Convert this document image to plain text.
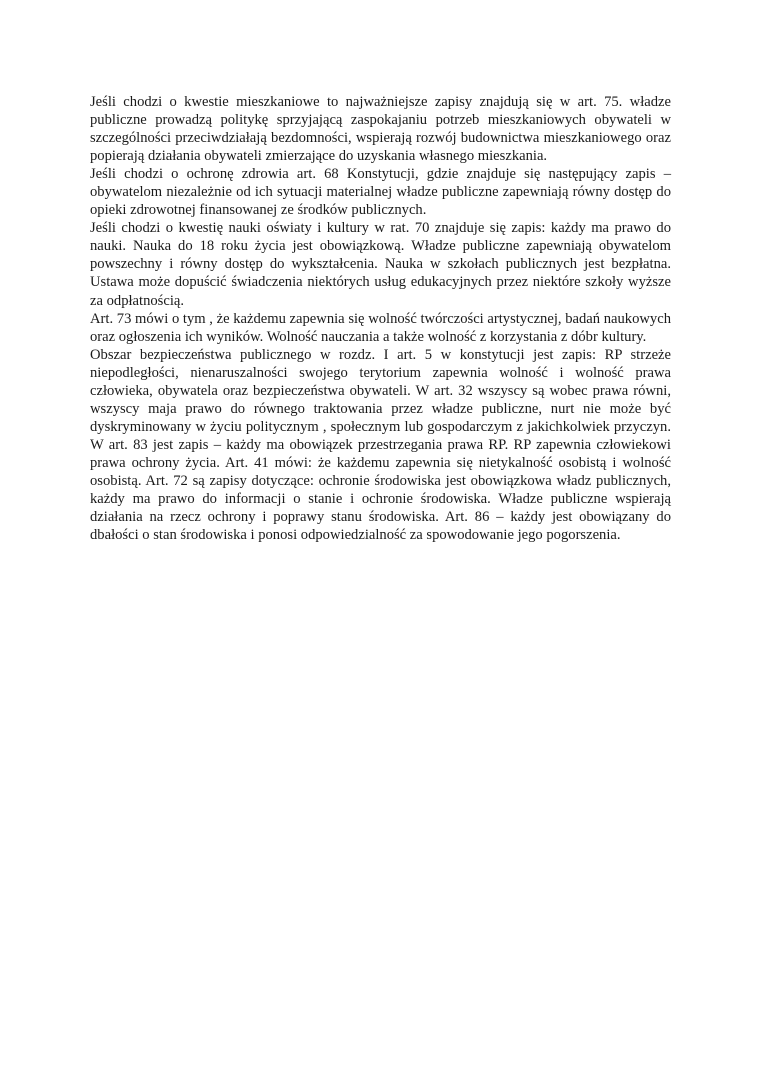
Jeśli chodzi o kwestie mieszkaniowe to najważniejsze zapisy znajdują się w art. 75. władze publiczne prowadzą politykę sprzyjającą zaspokajaniu potrzeb mieszkaniowych obywateli w szczególności przeciwdziałają bezdomności, wspierają rozwój budownictwa mieszkaniowego oraz popierają działania obywateli zmierzające do uzyskania własnego mieszkania.

Jeśli chodzi o ochronę zdrowia art. 68 Konstytucji, gdzie znajduje się następujący zapis – obywatelom niezależnie od ich sytuacji materialnej władze publiczne zapewniają równy dostęp do opieki zdrowotnej finansowanej ze środków publicznych.

Jeśli chodzi o kwestię nauki oświaty i kultury w rat. 70 znajduje się zapis: każdy ma prawo do nauki. Nauka do 18 roku życia jest obowiązkową. Władze publiczne zapewniają obywatelom powszechny i równy dostęp do wykształcenia. Nauka w szkołach publicznych jest bezpłatna. Ustawa może dopuścić świadczenia niektórych usług edukacyjnych przez niektóre szkoły wyższe za odpłatnością.

Art. 73 mówi o tym , że każdemu zapewnia się wolność twórczości artystycznej, badań naukowych oraz ogłoszenia ich wyników. Wolność nauczania a także wolność z korzystania z dóbr kultury.

Obszar bezpieczeństwa publicznego w rozdz. I art. 5 w konstytucji jest zapis: RP strzeże niepodległości, nienaruszalności swojego terytorium zapewnia wolność i wolność prawa człowieka, obywatela oraz bezpieczeństwa obywateli. W art. 32 wszyscy są wobec prawa równi, wszyscy maja prawo do równego traktowania przez władze publiczne, nurt nie może być dyskryminowany w życiu politycznym , społecznym lub gospodarczym z jakichkolwiek przyczyn. W art. 83 jest zapis – każdy ma obowiązek przestrzegania prawa RP. RP zapewnia człowiekowi prawa ochrony życia. Art. 41 mówi: że każdemu zapewnia się nietykalność osobistą i wolność osobistą. Art. 72 są zapisy dotyczące: ochronie środowiska jest obowiązkowa władz publicznych, każdy ma prawo do informacji o stanie i ochronie środowiska. Władze publiczne wspierają działania na rzecz ochrony i poprawy stanu środowiska. Art. 86 – każdy jest obowiązany do dbałości o stan środowiska i ponosi odpowiedzialność za spowodowanie jego pogorszenia.
